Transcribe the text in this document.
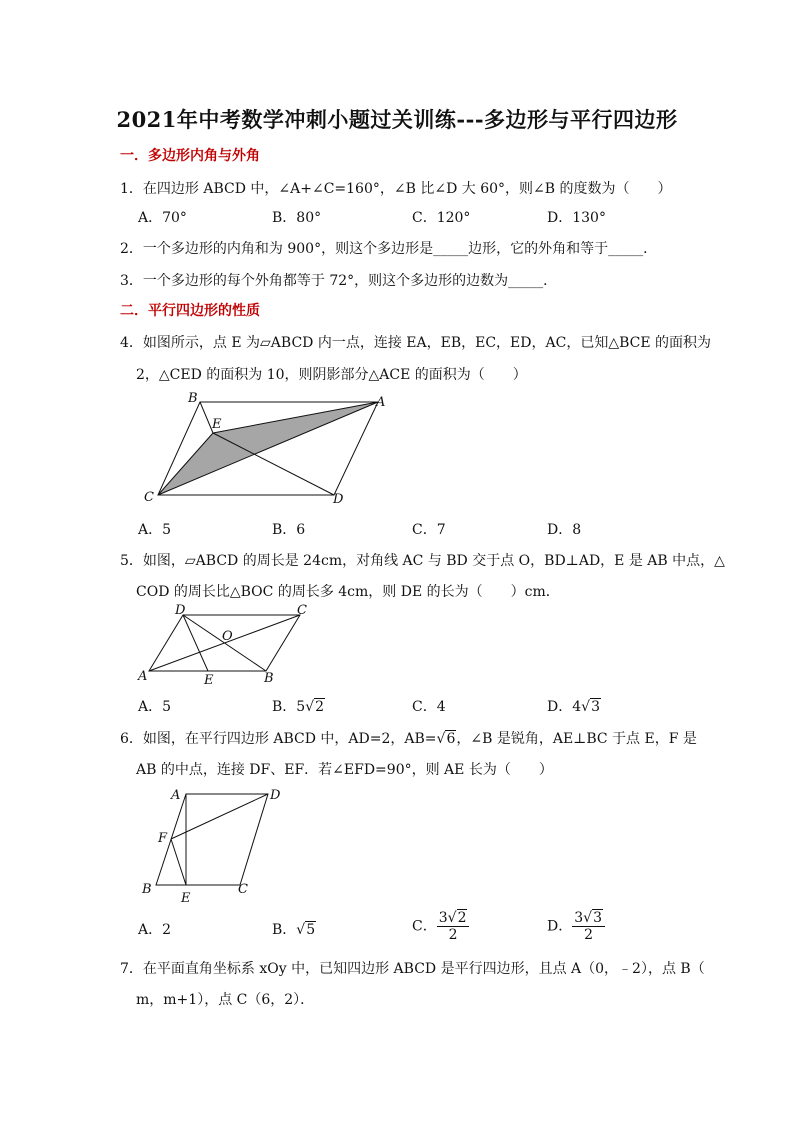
2021年中考数学冲刺小题过关训练---多边形与平行四边形
一．多边形内角与外角
1．在四边形 ABCD 中，∠A+∠C=160°，∠B 比∠D 大 60°，则∠B 的度数为（　　）
A．70°	B．80°	C．120°	D．130°
2．一个多边形的内角和为 900°，则这个多边形是_____边形，它的外角和等于_____．
3．一个多边形的每个外角都等于 72°，则这个多边形的边数为_____．
二．平行四边形的性质
4．如图所示，点 E 为▱ABCD 内一点，连接 EA，EB，EC，ED，AC，已知△BCE 的面积为
2，△CED 的面积为 10，则阴影部分△ACE 的面积为（　　）
B	A
E
C	D
A．5	B．6	C．7	D．8
5．如图，▱ABCD 的周长是 24cm，对角线 AC 与 BD 交于点 O，BD⊥AD，E 是 AB 中点，△
COD 的周长比△BOC 的周长多 4cm，则 DE 的长为（　　）cm．
D	C
O
A	E	B
A．5	B．5√2	C．4	D．4√3
6．如图，在平行四边形 ABCD 中，AD=2，AB=√6，∠B 是锐角，AE⊥BC 于点 E，F 是
AB 的中点，连接 DF、EF．若∠EFD=90°，则 AE 长为（　　）
A	D
F
B
E
C
A．2	B．√5	C． $\frac{3√2}{2}$	D． $\frac{3√3}{2}$
7．在平面直角坐标系 xOy 中，已知四边形 ABCD 是平行四边形，且点 A（0，﹣2），点 B（
m，m+1），点 C（6，2）．
